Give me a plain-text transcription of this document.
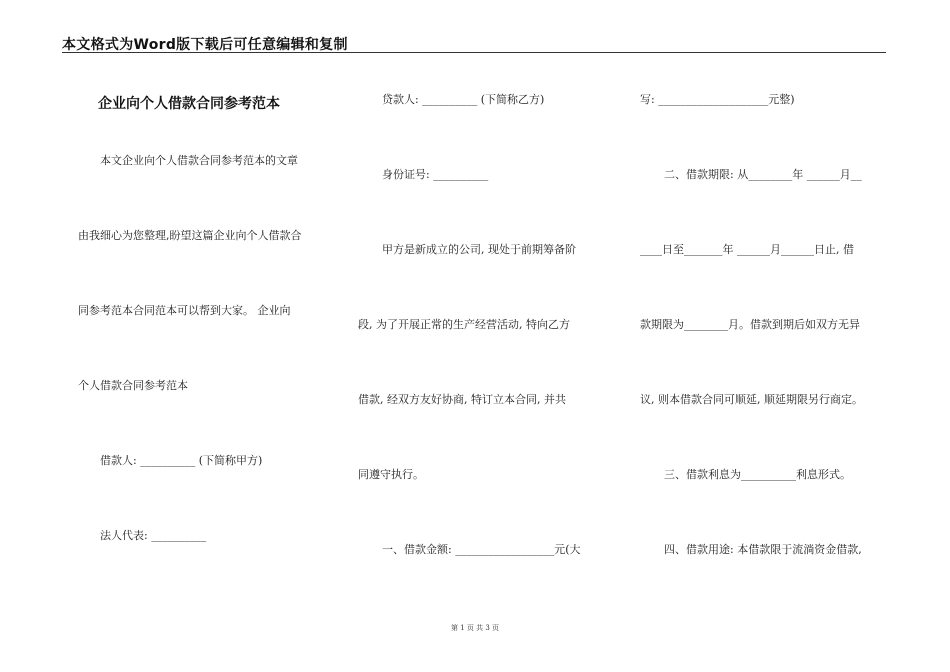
本文格式为Word版下载后可任意编辑和复制
企业向个人借款合同参考范本
本文企业向个人借款合同参考范本的文章
由我细心为您整理,盼望这篇企业向个人借款合
同参考范本合同范本可以帮到大家。 企业向
个人借款合同参考范本
借款人: __________ (下简称甲方)
法人代表: __________
贷款人: __________ (下简称乙方)
身份证号: __________
甲方是新成立的公司, 现处于前期筹备阶
段, 为了开展正常的生产经营活动, 特向乙方
借款, 经双方友好协商, 特订立本合同, 并共
同遵守执行。
一、借款金额: __________________元(大
写: ____________________元整)
二、借款期限: 从________年 ______月__
____日至_______年 ______月______日止, 借
款期限为________月。借款到期后如双方无异
议, 则本借款合同可顺延, 顺延期限另行商定。
三、借款利息为__________利息形式。
四、借款用途: 本借款限于流淌资金借款,
第 1 页 共 3 页
